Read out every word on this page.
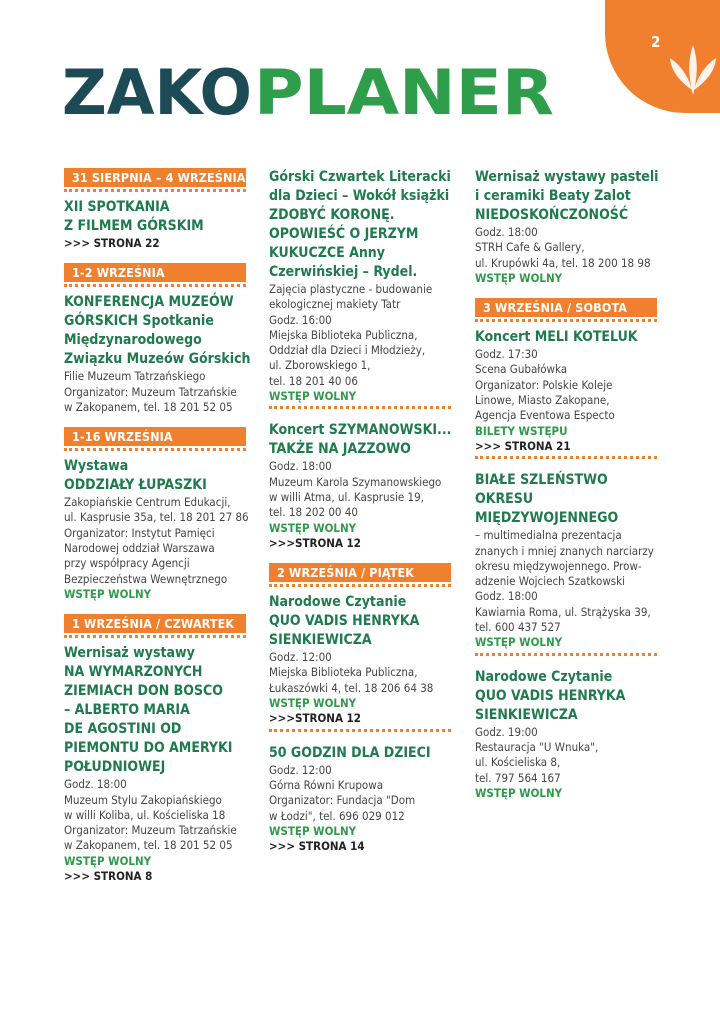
2
ZAKO PLANER
31 SIERPNIA – 4 WRZEŚNIA
XII SPOTKANIA
Z FILMEM GÓRSKIM
>>> STRONA 22
1-2 WRZEŚNIA
KONFERENCJA MUZEÓW
GÓRSKICH Spotkanie
Międzynarodowego
Związku Muzeów Górskich
Filie Muzeum Tatrzańskiego
Organizator: Muzeum Tatrzańskie
w Zakopanem, tel. 18 201 52 05
1-16 WRZEŚNIA
Wystawa
ODDZIAŁY ŁUPASZKI
Zakopiańskie Centrum Edukacji,
ul. Kasprusie 35a, tel. 18 201 27 86
Organizator: Instytut Pamięci
Narodowej oddział Warszawa
przy współpracy Agencji
Bezpieczeństwa Wewnętrznego
WSTĘP WOLNY
1 WRZEŚNIA / CZWARTEK
Wernisaż wystawy
NA WYMARZONYCH
ZIEMIACH DON BOSCO
– ALBERTO MARIA
DE AGOSTINI OD
PIEMONTU DO AMERYKI
POŁUDNIOWEJ
Godz. 18:00
Muzeum Stylu Zakopiańskiego
w willi Koliba, ul. Kościeliska 18
Organizator: Muzeum Tatrzańskie
w Zakopanem, tel. 18 201 52 05
WSTĘP WOLNY
>>> STRONA 8
Górski Czwartek Literacki
dla Dzieci – Wokół książki
ZDOBYĆ KORONĘ.
OPOWIEŚĆ O JERZYM
KUKUCZCE Anny
Czerwińskiej – Rydel.
Zajęcia plastyczne - budowanie
ekologicznej makiety Tatr
Godz. 16:00
Miejska Biblioteka Publiczna,
Oddział dla Dzieci i Młodzieży,
ul. Zborowskiego 1,
tel. 18 201 40 06
WSTĘP WOLNY
Koncert SZYMANOWSKI...
TAKŻE NA JAZZOWO
Godz. 18:00
Muzeum Karola Szymanowskiego
w willi Atma, ul. Kasprusie 19,
tel. 18 202 00 40
WSTĘP WOLNY
>>>STRONA 12
2 WRZEŚNIA / PIĄTEK
Narodowe Czytanie
QUO VADIS HENRYKA
SIENKIEWICZA
Godz. 12:00
Miejska Biblioteka Publiczna,
Łukaszówki 4, tel. 18 206 64 38
WSTĘP WOLNY
>>>STRONA 12
50 GODZIN DLA DZIECI
Godz. 12:00
Górna Równi Krupowa
Organizator: Fundacja "Dom
w Łodzi", tel. 696 029 012
WSTĘP WOLNY
>>> STRONA 14
Wernisaż wystawy pasteli
i ceramiki Beaty Zalot
NIEDOSKOŃCZONOŚĆ
Godz. 18:00
STRH Cafe & Gallery,
ul. Krupówki 4a, tel. 18 200 18 98
WSTĘP WOLNY
3 WRZEŚNIA / SOBOTA
Koncert MELI KOTELUK
Godz. 17:30
Scena Gubałówka
Organizator: Polskie Koleje
Linowe, Miasto Zakopane,
Agencja Eventowa Especto
BILETY WSTĘPU
>>> STRONA 21
BIAŁE SZLEŃSTWO
OKRESU
MIĘDZYWOJENNEGO
– multimedialna prezentacja
znanych i mniej znanych narciarzy
okresu międzywojennego. Prow-
adzenie Wojciech Szatkowski
Godz. 18:00
Kawiarnia Roma, ul. Strążyska 39,
tel. 600 437 527
WSTĘP WOLNY
Narodowe Czytanie
QUO VADIS HENRYKA
SIENKIEWICZA
Godz. 19:00
Restauracja "U Wnuka",
ul. Kościeliska 8,
tel. 797 564 167
WSTĘP WOLNY
